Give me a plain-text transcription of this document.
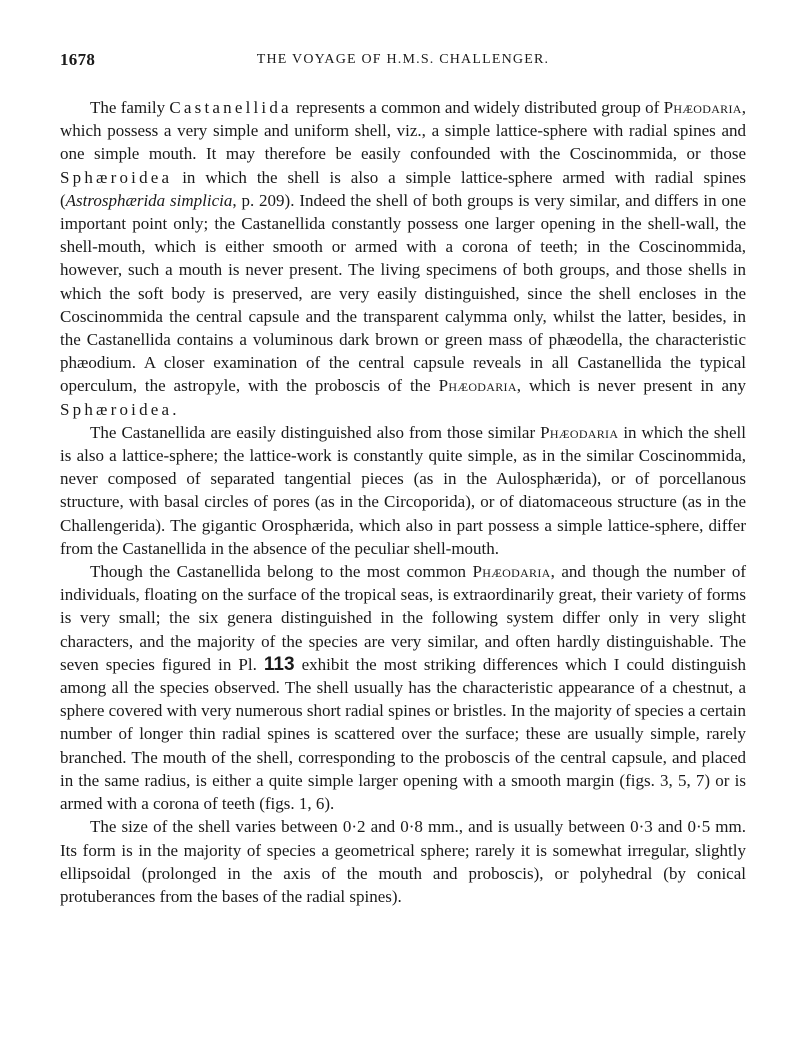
1678	THE VOYAGE OF H.M.S. CHALLENGER.

The family Castanellida represents a common and widely distributed group of Phæodaria, which possess a very simple and uniform shell, viz., a simple lattice-sphere with radial spines and one simple mouth. It may therefore be easily confounded with the Coscinommida, or those Sphæroidea in which the shell is also a simple lattice-sphere armed with radial spines (Astrosphærida simplicia, p. 209). Indeed the shell of both groups is very similar, and differs in one important point only; the Castanellida constantly possess one larger opening in the shell-wall, the shell-mouth, which is either smooth or armed with a corona of teeth; in the Coscinommida, however, such a mouth is never present. The living specimens of both groups, and those shells in which the soft body is preserved, are very easily distinguished, since the shell encloses in the Coscinommida the central capsule and the transparent calymma only, whilst the latter, besides, in the Castanellida contains a voluminous dark brown or green mass of phæodella, the characteristic phæodium. A closer examination of the central capsule reveals in all Castanellida the typical operculum, the astropyle, with the proboscis of the Phæodaria, which is never present in any Sphæroidea.

The Castanellida are easily distinguished also from those similar Phæodaria in which the shell is also a lattice-sphere; the lattice-work is constantly quite simple, as in the similar Coscinommida, never composed of separated tangential pieces (as in the Aulosphærida), or of porcellanous structure, with basal circles of pores (as in the Circoporida), or of diatomaceous structure (as in the Challengerida). The gigantic Orosphærida, which also in part possess a simple lattice-sphere, differ from the Castanellida in the absence of the peculiar shell-mouth.

Though the Castanellida belong to the most common Phæodaria, and though the number of individuals, floating on the surface of the tropical seas, is extraordinarily great, their variety of forms is very small; the six genera distinguished in the following system differ only in very slight characters, and the majority of the species are very similar, and often hardly distinguishable. The seven species figured in Pl. 113 exhibit the most striking differences which I could distinguish among all the species observed. The shell usually has the characteristic appearance of a chestnut, a sphere covered with very numerous short radial spines or bristles. In the majority of species a certain number of longer thin radial spines is scattered over the surface; these are usually simple, rarely branched. The mouth of the shell, corresponding to the proboscis of the central capsule, and placed in the same radius, is either a quite simple larger opening with a smooth margin (figs. 3, 5, 7) or is armed with a corona of teeth (figs. 1, 6).

The size of the shell varies between 0·2 and 0·8 mm., and is usually between 0·3 and 0·5 mm. Its form is in the majority of species a geometrical sphere; rarely it is somewhat irregular, slightly ellipsoidal (prolonged in the axis of the mouth and proboscis), or polyhedral (by conical protuberances from the bases of the radial spines).
